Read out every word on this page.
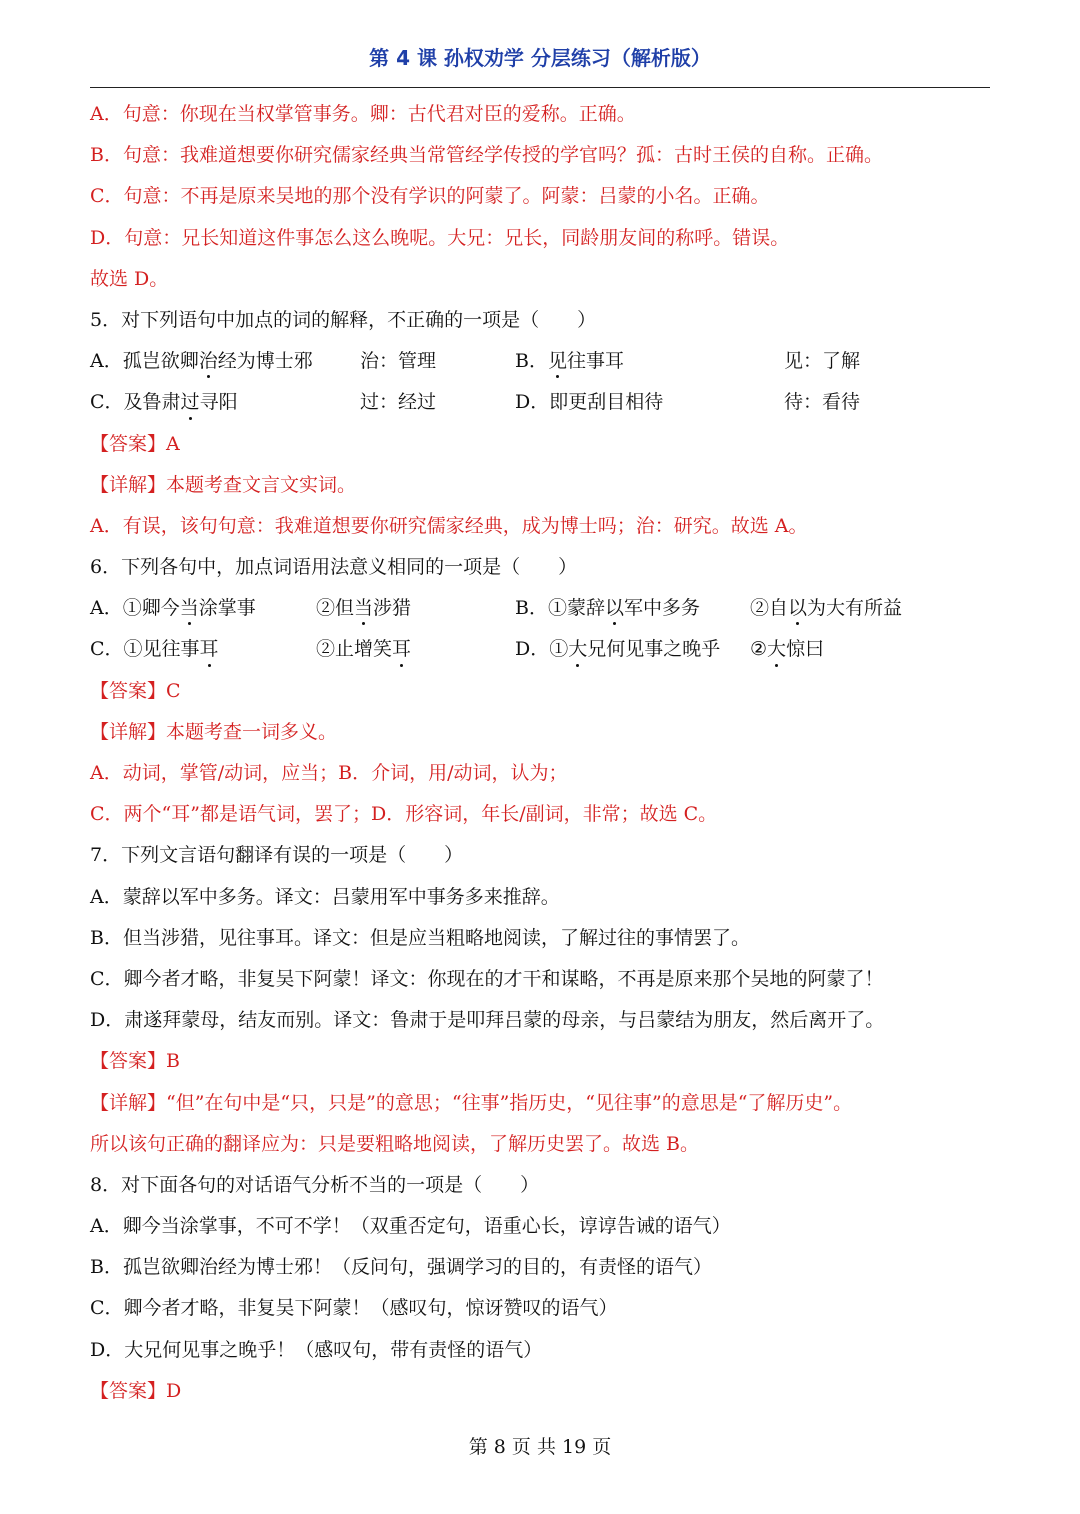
第 4 课 孙权劝学 分层练习（解析版）
A．句意：你现在当权掌管事务。卿：古代君对臣的爱称。正确。
B．句意：我难道想要你研究儒家经典当常管经学传授的学官吗？孤：古时王侯的自称。正确。
C．句意：不再是原来吴地的那个没有学识的阿蒙了。阿蒙：吕蒙的小名。正确。
D．句意：兄长知道这件事怎么这么晚呢。大兄：兄长，同龄朋友间的称呼。错误。
故选 D。
5．对下列语句中加点的词的解释，不正确的一项是（　　）
A．孤岂欲卿治经为博士邪 治：管理	B．见往事耳	见：了解
C．及鲁肃过寻阳	过：经过	D．即更刮目相待	待：看待
【答案】A
【详解】本题考查文言文实词。
A．有误，该句句意：我难道想要你研究儒家经典，成为博士吗；治：研究。故选 A。
6．下列各句中，加点词语用法意义相同的一项是（　　）
A．①卿今当涂掌事	②但当涉猎	B．①蒙辞以军中多务	②自以为大有所益
C．①见往事耳	②止增笑耳	D．①大兄何见事之晚乎 ②大惊曰
【答案】C
【详解】本题考查一词多义。
A．动词，掌管/动词，应当；B．介词，用/动词，认为；
C．两个“耳”都是语气词，罢了；D．形容词，年长/副词，非常；故选 C。
7．下列文言语句翻译有误的一项是（　　）
A．蒙辞以军中多务。译文：吕蒙用军中事务多来推辞。
B．但当涉猎，见往事耳。译文：但是应当粗略地阅读，了解过往的事情罢了。
C．卿今者才略，非复吴下阿蒙！译文：你现在的才干和谋略，不再是原来那个吴地的阿蒙了！
D．肃遂拜蒙母，结友而别。译文：鲁肃于是叩拜吕蒙的母亲，与吕蒙结为朋友，然后离开了。
【答案】B
【详解】“但”在句中是“只，只是”的意思；“往事”指历史，“见往事”的意思是“了解历史”。
所以该句正确的翻译应为：只是要粗略地阅读，了解历史罢了。故选 B。
8．对下面各句的对话语气分析不当的一项是（　　）
A．卿今当涂掌事，不可不学！（双重否定句，语重心长，谆谆告诫的语气）
B．孤岂欲卿治经为博士邪！（反问句，强调学习的目的，有责怪的语气）
C．卿今者才略，非复吴下阿蒙！（感叹句，惊讶赞叹的语气）
D．大兄何见事之晚乎！（感叹句，带有责怪的语气）
【答案】D
第 8 页 共 19 页
